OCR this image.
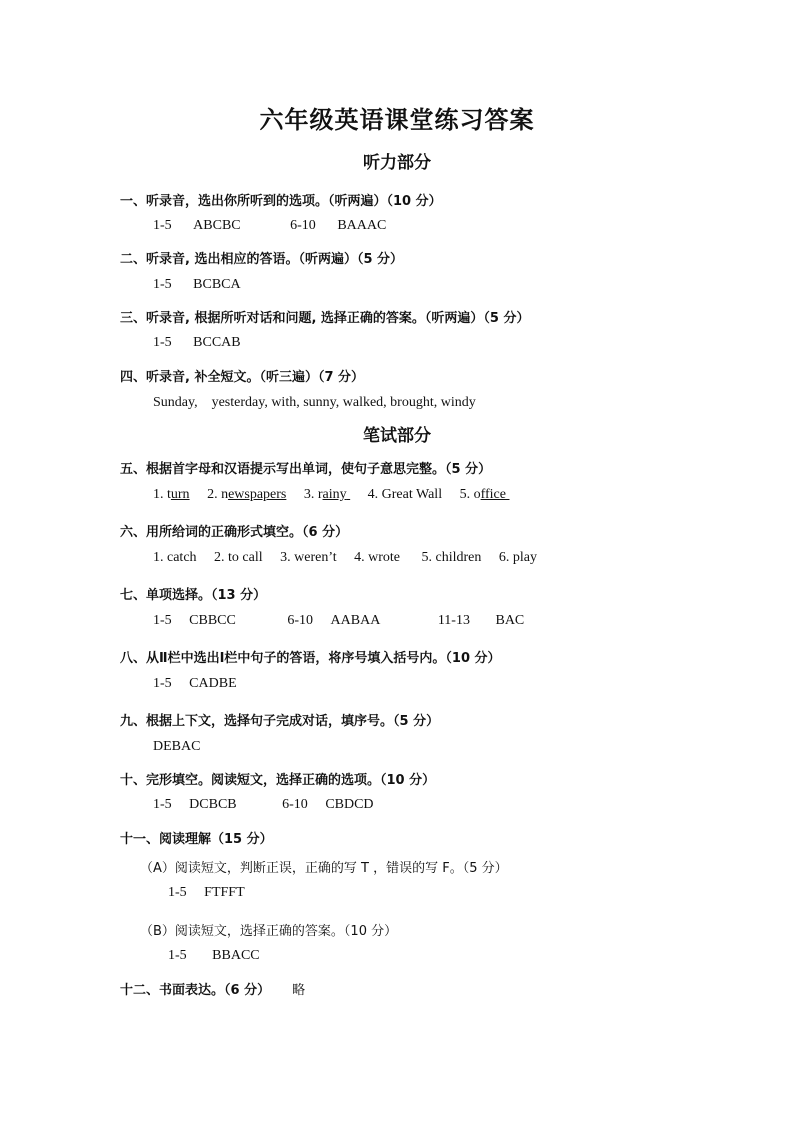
六年级英语课堂练习答案
听力部分
一、听录音，选出你所听到的选项。（听两遍）（10 分）
1-5 ABCBC	6-10 BAAAC
二、听录音, 选出相应的答语。（听两遍）（5 分）
1-5 BCBCA
三、听录音, 根据所听对话和问题, 选择正确的答案。（听两遍）（5 分）
1-5 BCCAB
四、听录音, 补全短文。（听三遍）（7 分）
Sunday,    yesterday, with, sunny, walked, brought, windy
笔试部分
五、根据首字母和汉语提示写出单词，使句子意思完整。（5 分）
1. turn 2. newspapers 3. rainy 4. Great Wall 5. office
六、用所给词的正确形式填空。（6 分）
1. catch 2. to call 3. weren’t 4. wrote 5. children 6. play
七、单项选择。（13 分）
1-5 CBBCC	6-10 AABAA	11-13 BAC
八、从Ⅱ栏中选出Ⅰ栏中句子的答语，将序号填入括号内。（10 分）
1-5 CADBE
九、根据上下文，选择句子完成对话，填序号。（5 分）
DEBAC
十、完形填空。阅读短文，选择正确的选项。（10 分）
1-5 DCBCB	6-10 CBDCD
十一、阅读理解（15 分）
（A）阅读短文，判断正误，正确的写 T ，错误的写 F。（5 分）
1-5 FTFFT
（B）阅读短文，选择正确的答案。（10 分）
1-5 BBACC
十二、书面表达。（6 分） 略
